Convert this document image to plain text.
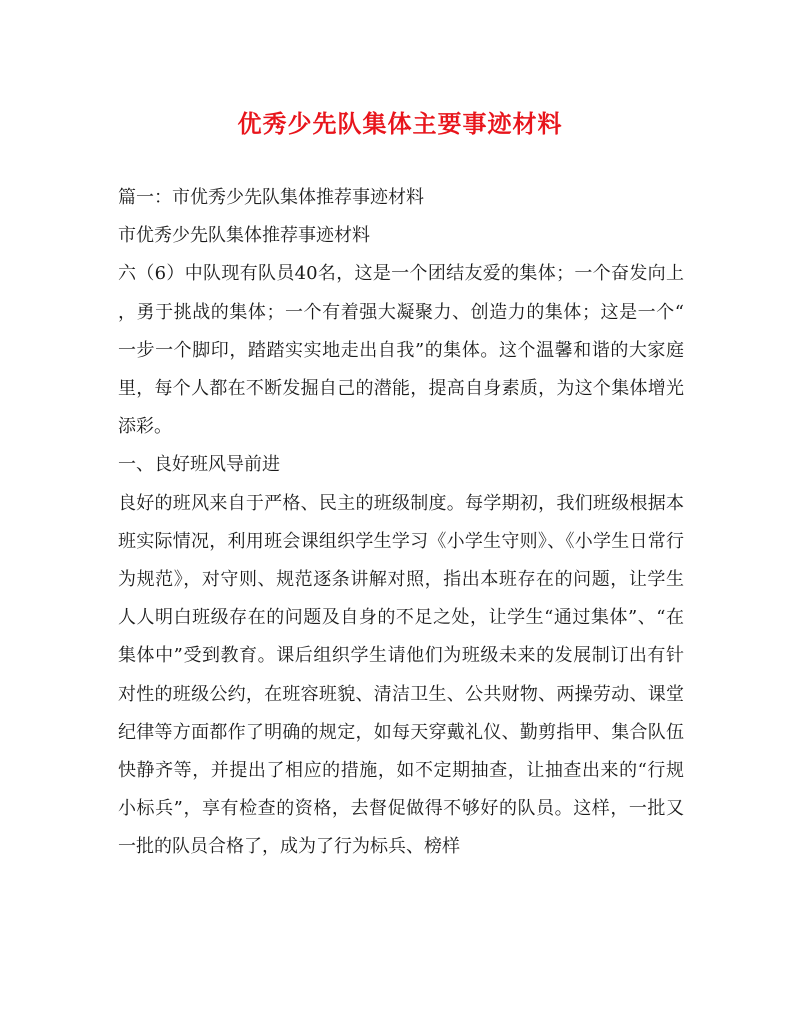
优秀少先队集体主要事迹材料

篇一：市优秀少先队集体推荐事迹材料

市优秀少先队集体推荐事迹材料

六（6）中队现有队员40名，这是一个团结友爱的集体；一个奋发向上，勇于挑战的集体；一个有着强大凝聚力、创造力的集体；这是一个“一步一个脚印，踏踏实实地走出自我”的集体。这个温馨和谐的大家庭里，每个人都在不断发掘自己的潜能，提高自身素质，为这个集体增光添彩。

一、良好班风导前进

良好的班风来自于严格、民主的班级制度。每学期初，我们班级根据本班实际情况，利用班会课组织学生学习《小学生守则》、《小学生日常行为规范》，对守则、规范逐条讲解对照，指出本班存在的问题，让学生人人明白班级存在的问题及自身的不足之处，让学生“通过集体”、“在集体中”受到教育。课后组织学生请他们为班级未来的发展制订出有针对性的班级公约，在班容班貌、清洁卫生、公共财物、两操劳动、课堂纪律等方面都作了明确的规定，如每天穿戴礼仪、勤剪指甲、集合队伍快静齐等，并提出了相应的措施，如不定期抽查，让抽查出来的“行规小标兵”，享有检查的资格，去督促做得不够好的队员。这样，一批又一批的队员合格了，成为了行为标兵、榜样
